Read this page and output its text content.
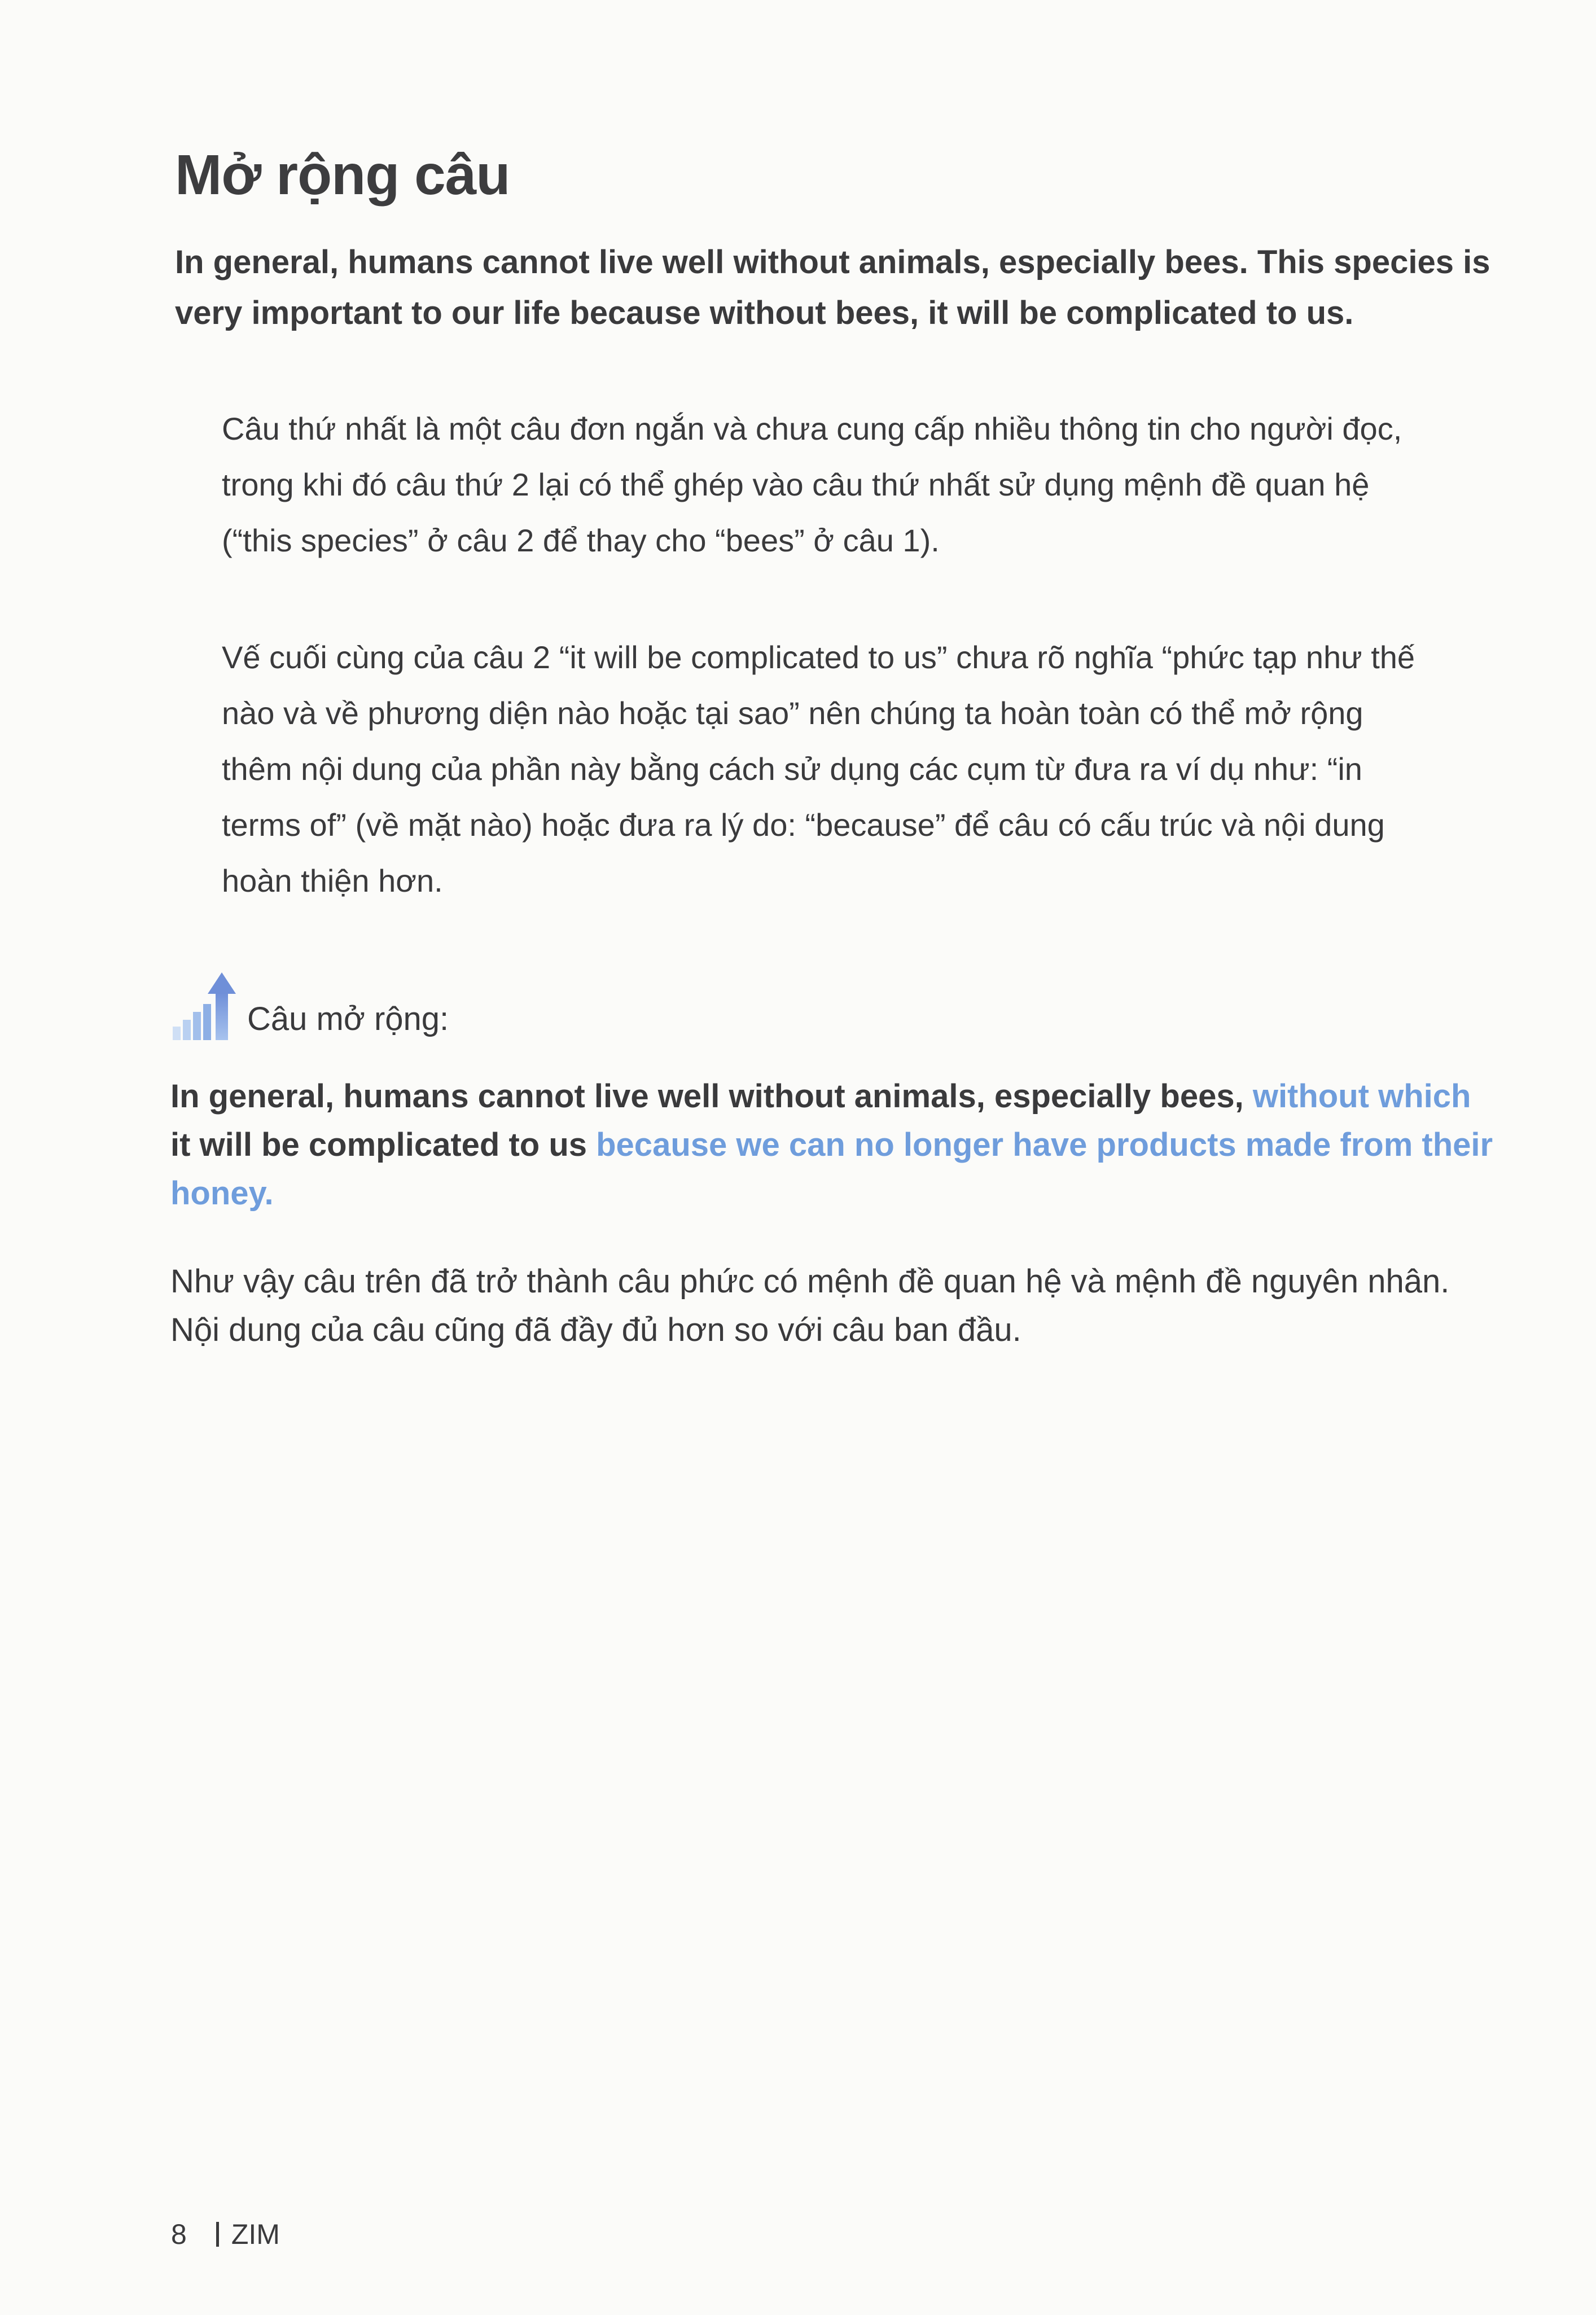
Mở rộng câu

In general, humans cannot live well without animals, especially bees. This species is very important to our life because without bees, it will be complicated to us.

Câu thứ nhất là một câu đơn ngắn và chưa cung cấp nhiều thông tin cho người đọc, trong khi đó câu thứ 2 lại có thể ghép vào câu thứ nhất sử dụng mệnh đề quan hệ (“this species” ở câu 2 để thay cho “bees” ở câu 1).

Vế cuối cùng của câu 2 “it will be complicated to us” chưa rõ nghĩa “phức tạp như thế nào và về phương diện nào hoặc tại sao” nên chúng ta hoàn toàn có thể mở rộng thêm nội dung của phần này bằng cách sử dụng các cụm từ đưa ra ví dụ như: “in terms of” (về mặt nào) hoặc đưa ra lý do: “because” để câu có cấu trúc và nội dung hoàn thiện hơn.

Câu mở rộng:

In general, humans cannot live well without animals, especially bees, without which it will be complicated to us because we can no longer have products made from their honey.

Như vậy câu trên đã trở thành câu phức có mệnh đề quan hệ và mệnh đề nguyên nhân. Nội dung của câu cũng đã đầy đủ hơn so với câu ban đầu.

8 ZIM
